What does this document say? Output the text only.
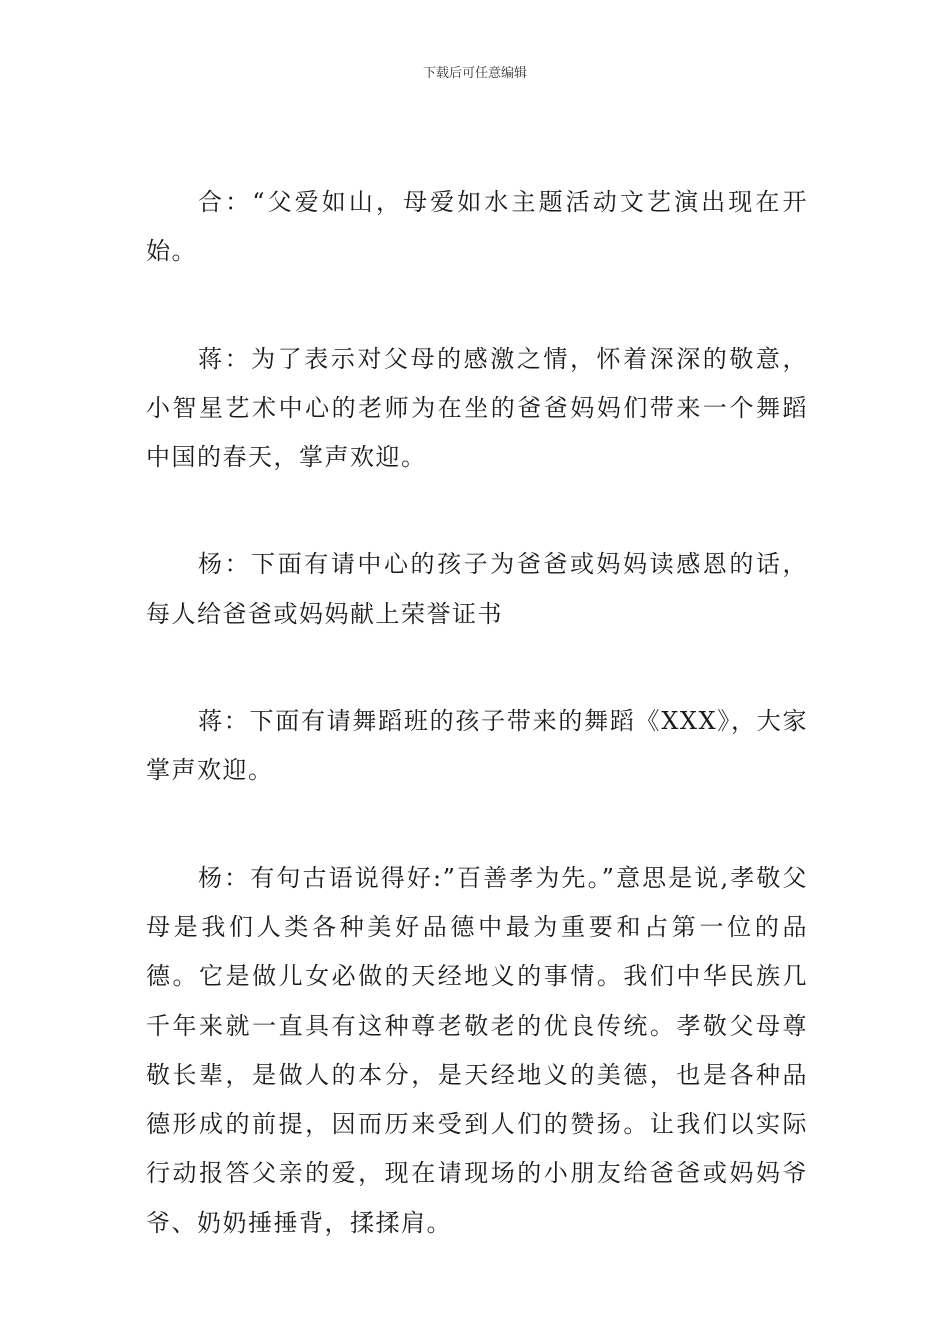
下载后可任意编辑

合：“父爱如山，母爱如水主题活动文艺演出现在开始。

蒋：为了表示对父母的感激之情，怀着深深的敬意，小智星艺术中心的老师为在坐的爸爸妈妈们带来一个舞蹈中国的春天，掌声欢迎。

杨：下面有请中心的孩子为爸爸或妈妈读感恩的话，每人给爸爸或妈妈献上荣誉证书

蒋：下面有请舞蹈班的孩子带来的舞蹈《XXX》，大家掌声欢迎。

杨：有句古语说得好:”百善孝为先。”意思是说,孝敬父母是我们人类各种美好品德中最为重要和占第一位的品德。它是做儿女必做的天经地义的事情。我们中华民族几千年来就一直具有这种尊老敬老的优良传统。孝敬父母尊敬长辈，是做人的本分，是天经地义的美德，也是各种品德形成的前提，因而历来受到人们的赞扬。让我们以实际行动报答父亲的爱，现在请现场的小朋友给爸爸或妈妈爷爷、奶奶捶捶背，揉揉肩。
